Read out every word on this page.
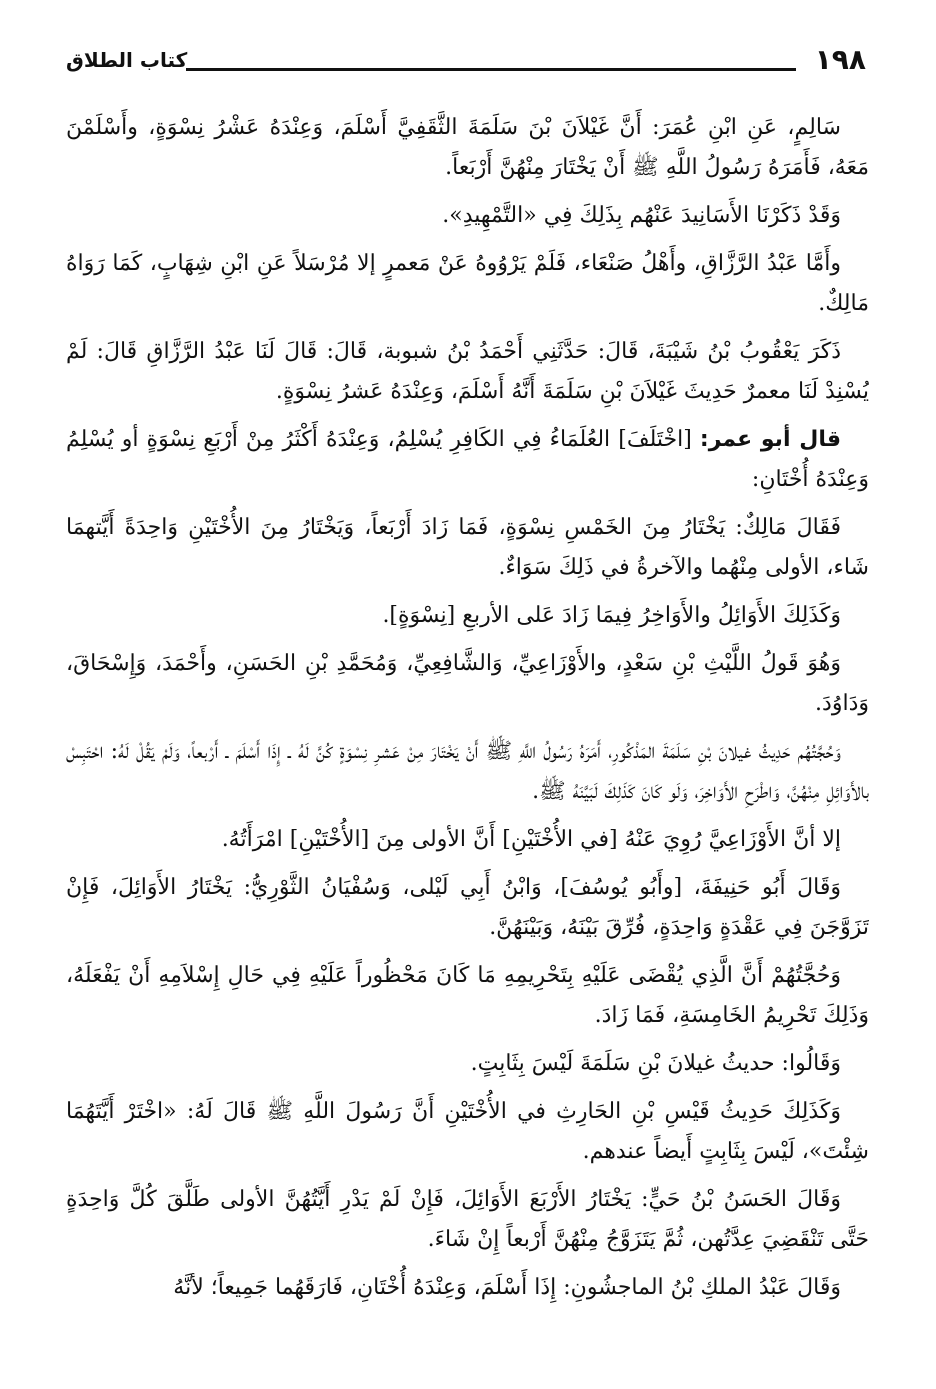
١٩٨
كتاب الطلاق

سَالِمٍ، عَنِ ابْنِ عُمَرَ: أَنَّ غَيْلاَنَ بْنَ سَلَمَةَ الثَّقَفِيَّ أَسْلَمَ، وَعِنْدَهُ عَشْرُ نِسْوَةٍ، وأَسْلَمْنَ مَعَهُ، فَأَمَرَهُ رَسُولُ اللَّهِ ﷺ أَنْ يَخْتَارَ مِنْهُنَّ أَرْبَعاً.

وَقَدْ ذَكَرْنَا الأَسَانِيدَ عَنْهُم بِذَلِكَ فِي «التَّمْهِيدِ».

وأَمَّا عَبْدُ الرَّزَّاقِ، وأَهْلُ صَنْعَاء، فَلَمْ يَرْوُوهُ عَنْ مَعمرٍ إلا مُرْسَلاً عَنِ ابْنِ شِهَابٍ، كَمَا رَوَاهُ مَالِكٌ.

ذَكَرَ يَعْقُوبُ بْنُ شَيْبَةَ، قَالَ: حَدَّثَنِي أَحْمَدُ بْنُ شبوبة، قَالَ: قَالَ لَنَا عَبْدُ الرَّزَّاقِ قَالَ: لَمْ يُسْنِدْ لَنَا معمرٌ حَدِيثَ غَيْلاَنَ بْنِ سَلَمَةَ أَنَّهُ أَسْلَمَ، وَعِنْدَهُ عَشرُ نِسْوَةٍ.

قال أبو عمر: [اخْتَلَفَ] العُلَمَاءُ فِي الكَافِرِ يُسْلِمُ، وَعِنْدَهُ أَكْثَرُ مِنْ أَرْبَعِ نِسْوَةٍ أو يُسْلِمُ وَعِنْدَهُ أُخْتَانِ:

فَقَالَ مَالِكٌ: يَخْتَارُ مِنَ الخَمْسِ نِسْوَةٍ، فَمَا زَادَ أَرْبَعاً، وَيَخْتَارُ مِنَ الأُخْتَيْنِ وَاحِدَةً أَيَّتهمَا شَاء، الأولى مِنْهُما والآخرةُ في ذَلِكَ سَوَاءٌ.

وَكَذَلِكَ الأَوَائِلُ والأَوَاخِرُ فِيمَا زَادَ عَلى الأربعِ [نِسْوَةٍ].

وَهُوَ قَولُ اللَّيْثِ بْنِ سَعْدٍ، والأَوْزَاعِيِّ، وَالشَّافِعِيِّ، وَمُحَمَّدِ بْنِ الحَسَنِ، وأَحْمَدَ، وَإِسْحَاقَ، وَدَاوُدَ.

وَحُجَّتُهُم حَدِيثُ غيلانَ بْنِ سَلَمَةَ المَذْكُورِ، أَمَرَهُ رَسُولُ اللَّهِ ﷺ أَنْ يَخْتَارَ مِنْ عَشرِ نِسْوَةٍ كُنَّ لَهُ ـ إِذَا أَسْلَمَ ـ أَرْبعاً، وَلَمْ يَقُلْ لَهُ: احْتَبِسْ بالأَوَائِلِ مِنْهُنَّ، وَاطْرَحِ الأَوَاخِرَ، وَلَو كَانَ كَذَلِكَ لَبَيَّنَهُ ﷺ.

إلا أنَّ الأَوْزَاعِيَّ رُوِيَ عَنْهُ [في الأُخْتَيْنِ] أَنَّ الأولى مِنَ [الأُخْتَيْنِ] امْرَأَتُهُ.

وَقَالَ أَبُو حَنِيفَةَ، [وأَبُو يُوسُفَ]، وَابْنُ أَبِي لَيْلى، وَسُفْيَانُ الثَّوْرِيُّ: يَخْتَارُ الأَوَائِلَ، فَإِنْ تَزَوَّجَنَ فِي عَقْدَةٍ وَاحِدَةٍ، فُرِّقَ بَيْنَهُ، وَبَيْنَهُنَّ.

وَحُجَّتُهُمْ أَنَّ الَّذِي يُقْضَى عَلَيْهِ بِتَحْرِيمِهِ مَا كَانَ مَحْظُوراً عَلَيْهِ فِي حَالِ إِسْلاَمِهِ أَنْ يَفْعَلَهُ، وَذَلِكَ تَحْرِيمُ الخَامِسَةِ، فَمَا زَادَ.

وَقَالُوا: حديثُ غيلانَ بْنِ سَلَمَةَ لَيْسَ بِثَابِتٍ.

وَكَذَلِكَ حَدِيثُ قَيْسِ بْنِ الحَارِثِ في الأُخْتَيْنِ أَنَّ رَسُولَ اللَّهِ ﷺ قَالَ لَهُ: «اخْتَرْ أَيَّتَهُمَا شِئْتَ»، لَيْسَ بِثَابِتٍ أَيضاً عندهم.

وَقَالَ الحَسَنُ بْنُ حَيٍّ: يَخْتَارُ الأَرْبَعَ الأَوَائِلَ، فَإِنْ لَمْ يَدْرِ أَيَّتُهُنَّ الأولى طَلَّقَ كُلَّ وَاحِدَةٍ حَتَّى تَنْقَضِيَ عِدَّتُهن، ثُمَّ يَتَزَوَّجُ مِنْهُنَّ أَرْبعاً إِنْ شَاءَ.

وَقَالَ عَبْدُ الملكِ بْنُ الماجشُونِ: إِذَا أَسْلَمَ، وَعِنْدَهُ أُخْتَانِ، فَارَقَهُما جَمِيعاً؛ لأنَّهُ
